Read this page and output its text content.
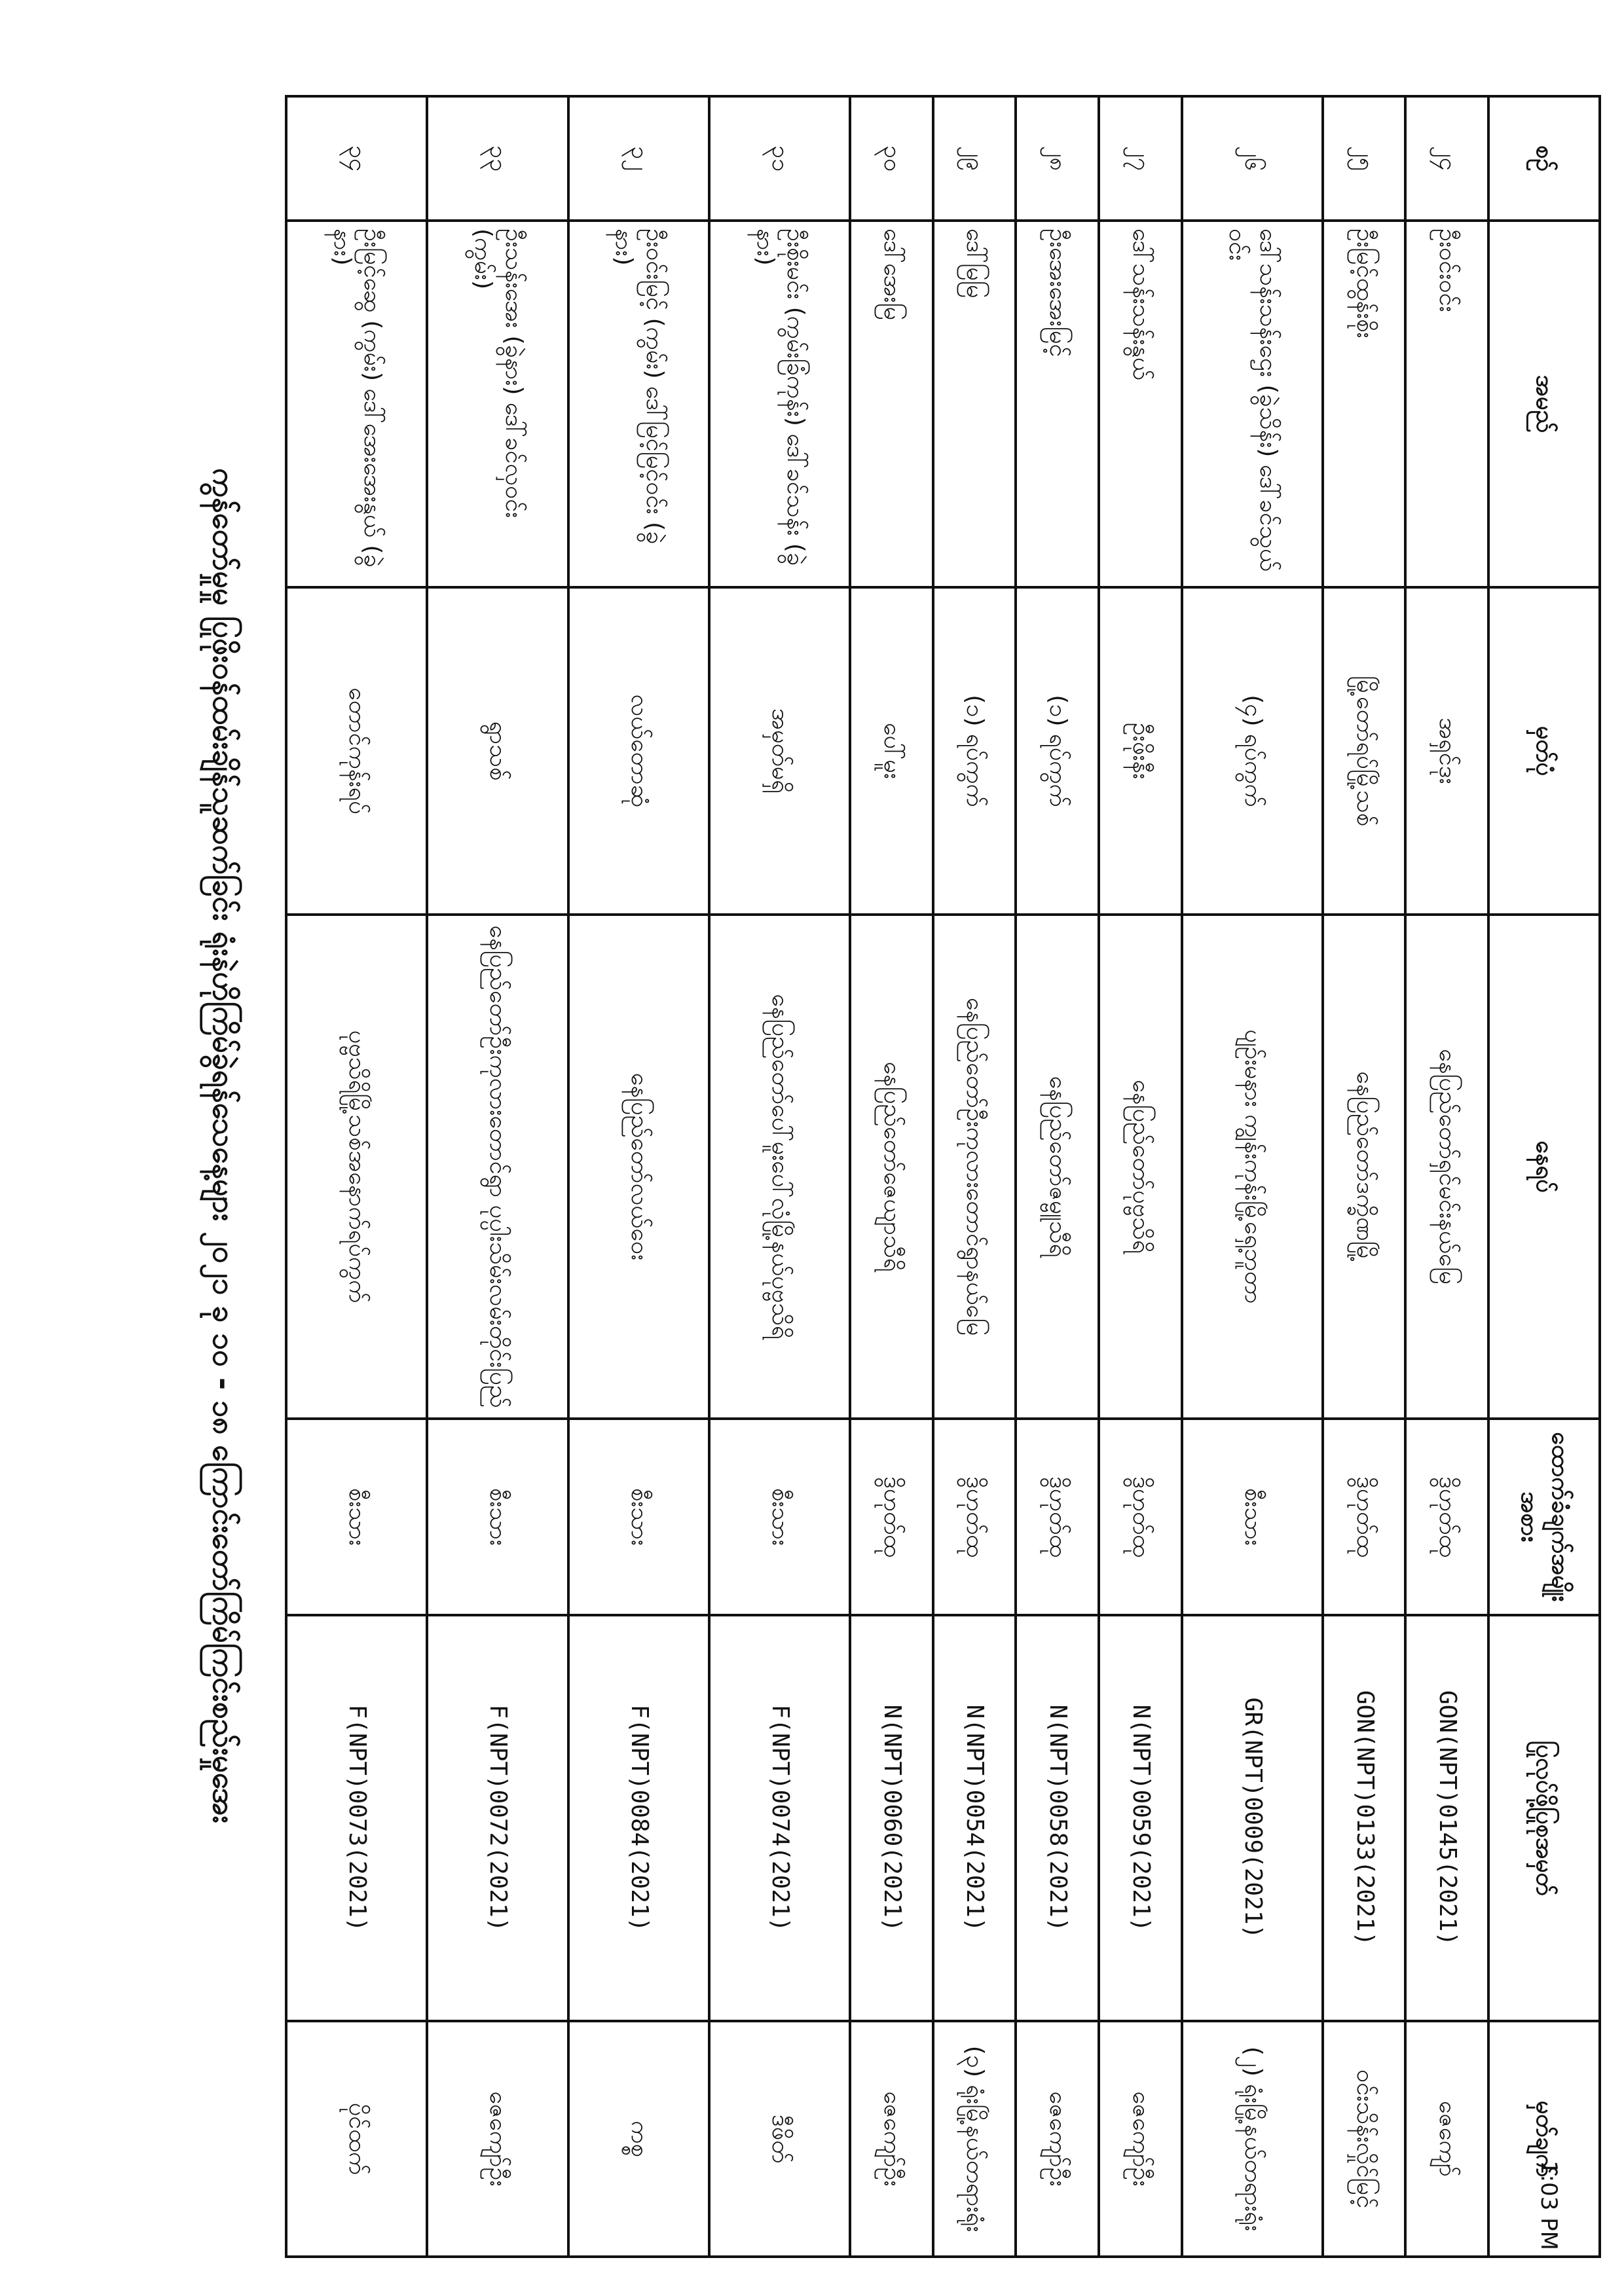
စဉ်	အမည်	မှတ်ပုံ	နေရပ်	ထောက်ခံချက်အမျိုး အစား	ပြုလုပ်ဖို့ပြုစုအမှတ်	မှတ်ချက်
၂၄	ဦးဝင်းဝင်း	အရှင်ဒုး	နေပြည်တော်ရှင်မင်းနယ်မြေ	ဒွိဟုတ်ထု	GON(NPT)0145(2021)	ဇေကျော်
၂၅	ဦးမြင့်ထွန်းစိုး	မြို့တော်ရပ်မြို့သစ်	နေပြည်တော်ဒက္ခိဏမြို့	ဒွိဟုတ်ထု	GON(NPT)0133(2021)	ဝင်းသိန်းလှိုင်မြင့်
၂၆	ဒေါ်သန်းသန်းဌေး (ခွဲသိန်း) ဒေါ်ခင်သွယ်ဝင်း	(၄) ရပ်ကွက်	ပျဉ်းမနား ကျွန်းကုန်းမြို့ရှေ့ဘူတာ	စီးသား	GR(NPT)0009(2021)	(၂) ရုံးမြို့နယ်တရားရုံး
၂၇	ဒေါ်သန်းသန်းနွယ်	ဦးဖိုးနီး	နေပြည်တော်ပုဗ္ဗသိရိ	ဒွိဟုတ်ထု	N(NPT)0059(2021)	ဇေကျော်ဦး
၂၈	ဦးအေးအေးမြင့်	(၁) ရပ်ကွက်	နေပြည်တော်ဇမ္ဗူသီရိ	ဒွိဟုတ်ထု	N(NPT)0058(2021)	ဇေကျော်ဦး
၂၉	ဒေါ်မြမြ	(၁) ရပ်ကွက်	နေပြည်တော်ဦးကုလားတောင်ရွာနယ်မြေ	ဒွိဟုတ်ထု	N(NPT)0054(2021)	(၃) ရုံးမြို့နယ်တရားရုံး
၃၀	ဒေါ်အေးမြ	ပေါ်မူး	နေပြည်တော်ဇေယျာသီရိ	ဒွိဟုတ်ထု	N(NPT)0060(2021)	ဇေကျော်ဦး
၃၁	ဦးစိုးမင်း (ကွမ်းခြံကုန်း) ဒေါ်ခင်သန်း (ခွဲနား)	အမှတ်မရှိ	နေပြည်တော်ပေါ်မူးပေါ်လုံမြို့နယ်ပုဗ္ဗသိရိ	စီးသား	F(NPT)0074(2021)	ဒီဖိတ်
၃၂	ဦးဝင်းမြင့် (ကွမ်း) ဒေါ်မြင့်မြင့်ဝင်း (ခွဲနား)	လယ်တောဆုံ	နေပြည်တော်လယ်ဝေး	စီးသား	F(NPT)0084(2021)	ကစ္စ
၃၃	ဦးသန်းအေး (ခွဲနား) ဒေါ်ခင်လှဝင်း (ကွမ်း)	ရွာသစ်	နေပြည်တော်ဦးကုလားတောင်ရွာ ပုပ္ပါးသိမ်းလမ်းတိုင်းပြည်	စီးသား	F(NPT)0072(2021)	ဇေကျော်ဦး
၃၄	ဦးမြင့်ဆွေ (ကွမ်း) ဒေါ်အေးအေးနွယ် (ခွဲနား)	တောင်ကုန်းရပ်	ပုဗ္ဗသိရိမြို့သစ်အနောက်ရပ်ကွက်	စီးသား	F(NPT)0073(2021)	ပိုင်ထက်
ကွန်တော်မှုမှု ပြုဖိုးဝန်ထမ်းချိန်သူဆက်ခြင်း ရုံးနဲဟိုကြိမ်ခွဲရန်သေနေ့များ ၂၀၂၁ ခု ၁၀ - ၁၈ ကြောင်းတော်ကြိမ်ကြင်းစည်းမှုအေး
1:03 PM
